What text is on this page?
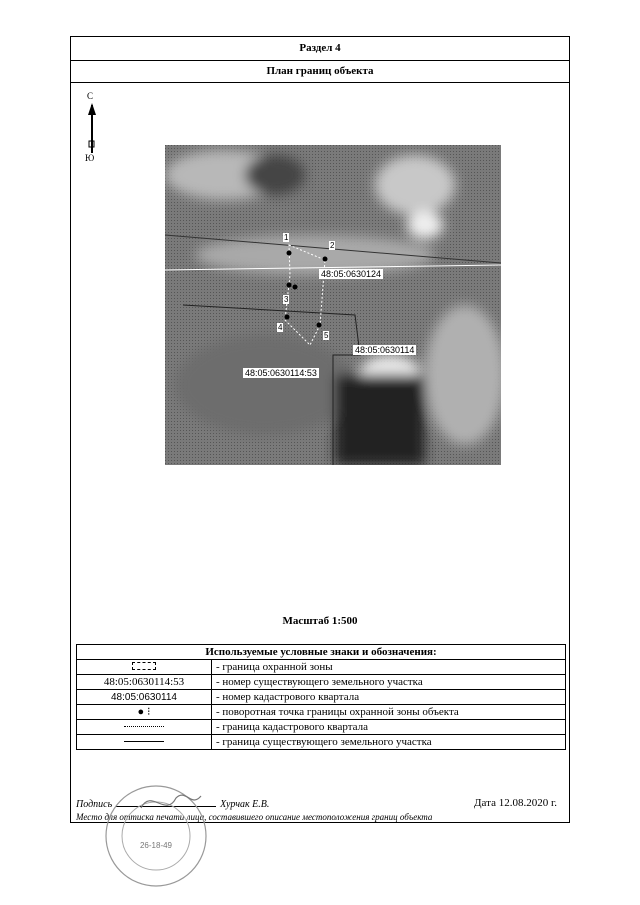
Раздел 4
План границ объекта
С
Ю
1
2
3
4
5
48:05:0630124
48:05:0630114
48:05:0630114:53
Масштаб 1:500
Используемые условные знаки и обозначения:	
	- граница охранной зоны
48:05:0630114:53	- номер существующего земельного участка
48:05:0630114	- номер кадастрового квартала
● ⁝	- поворотная точка границы охранной зоны объекта
	- граница кадастрового квартала
	- граница существующего земельного участка
Подпись	Хурчак Е.В.	Дата 12.08.2020 г.
Место для оттиска печати лица, составившего описание местоположения границ объекта
26-18-49
